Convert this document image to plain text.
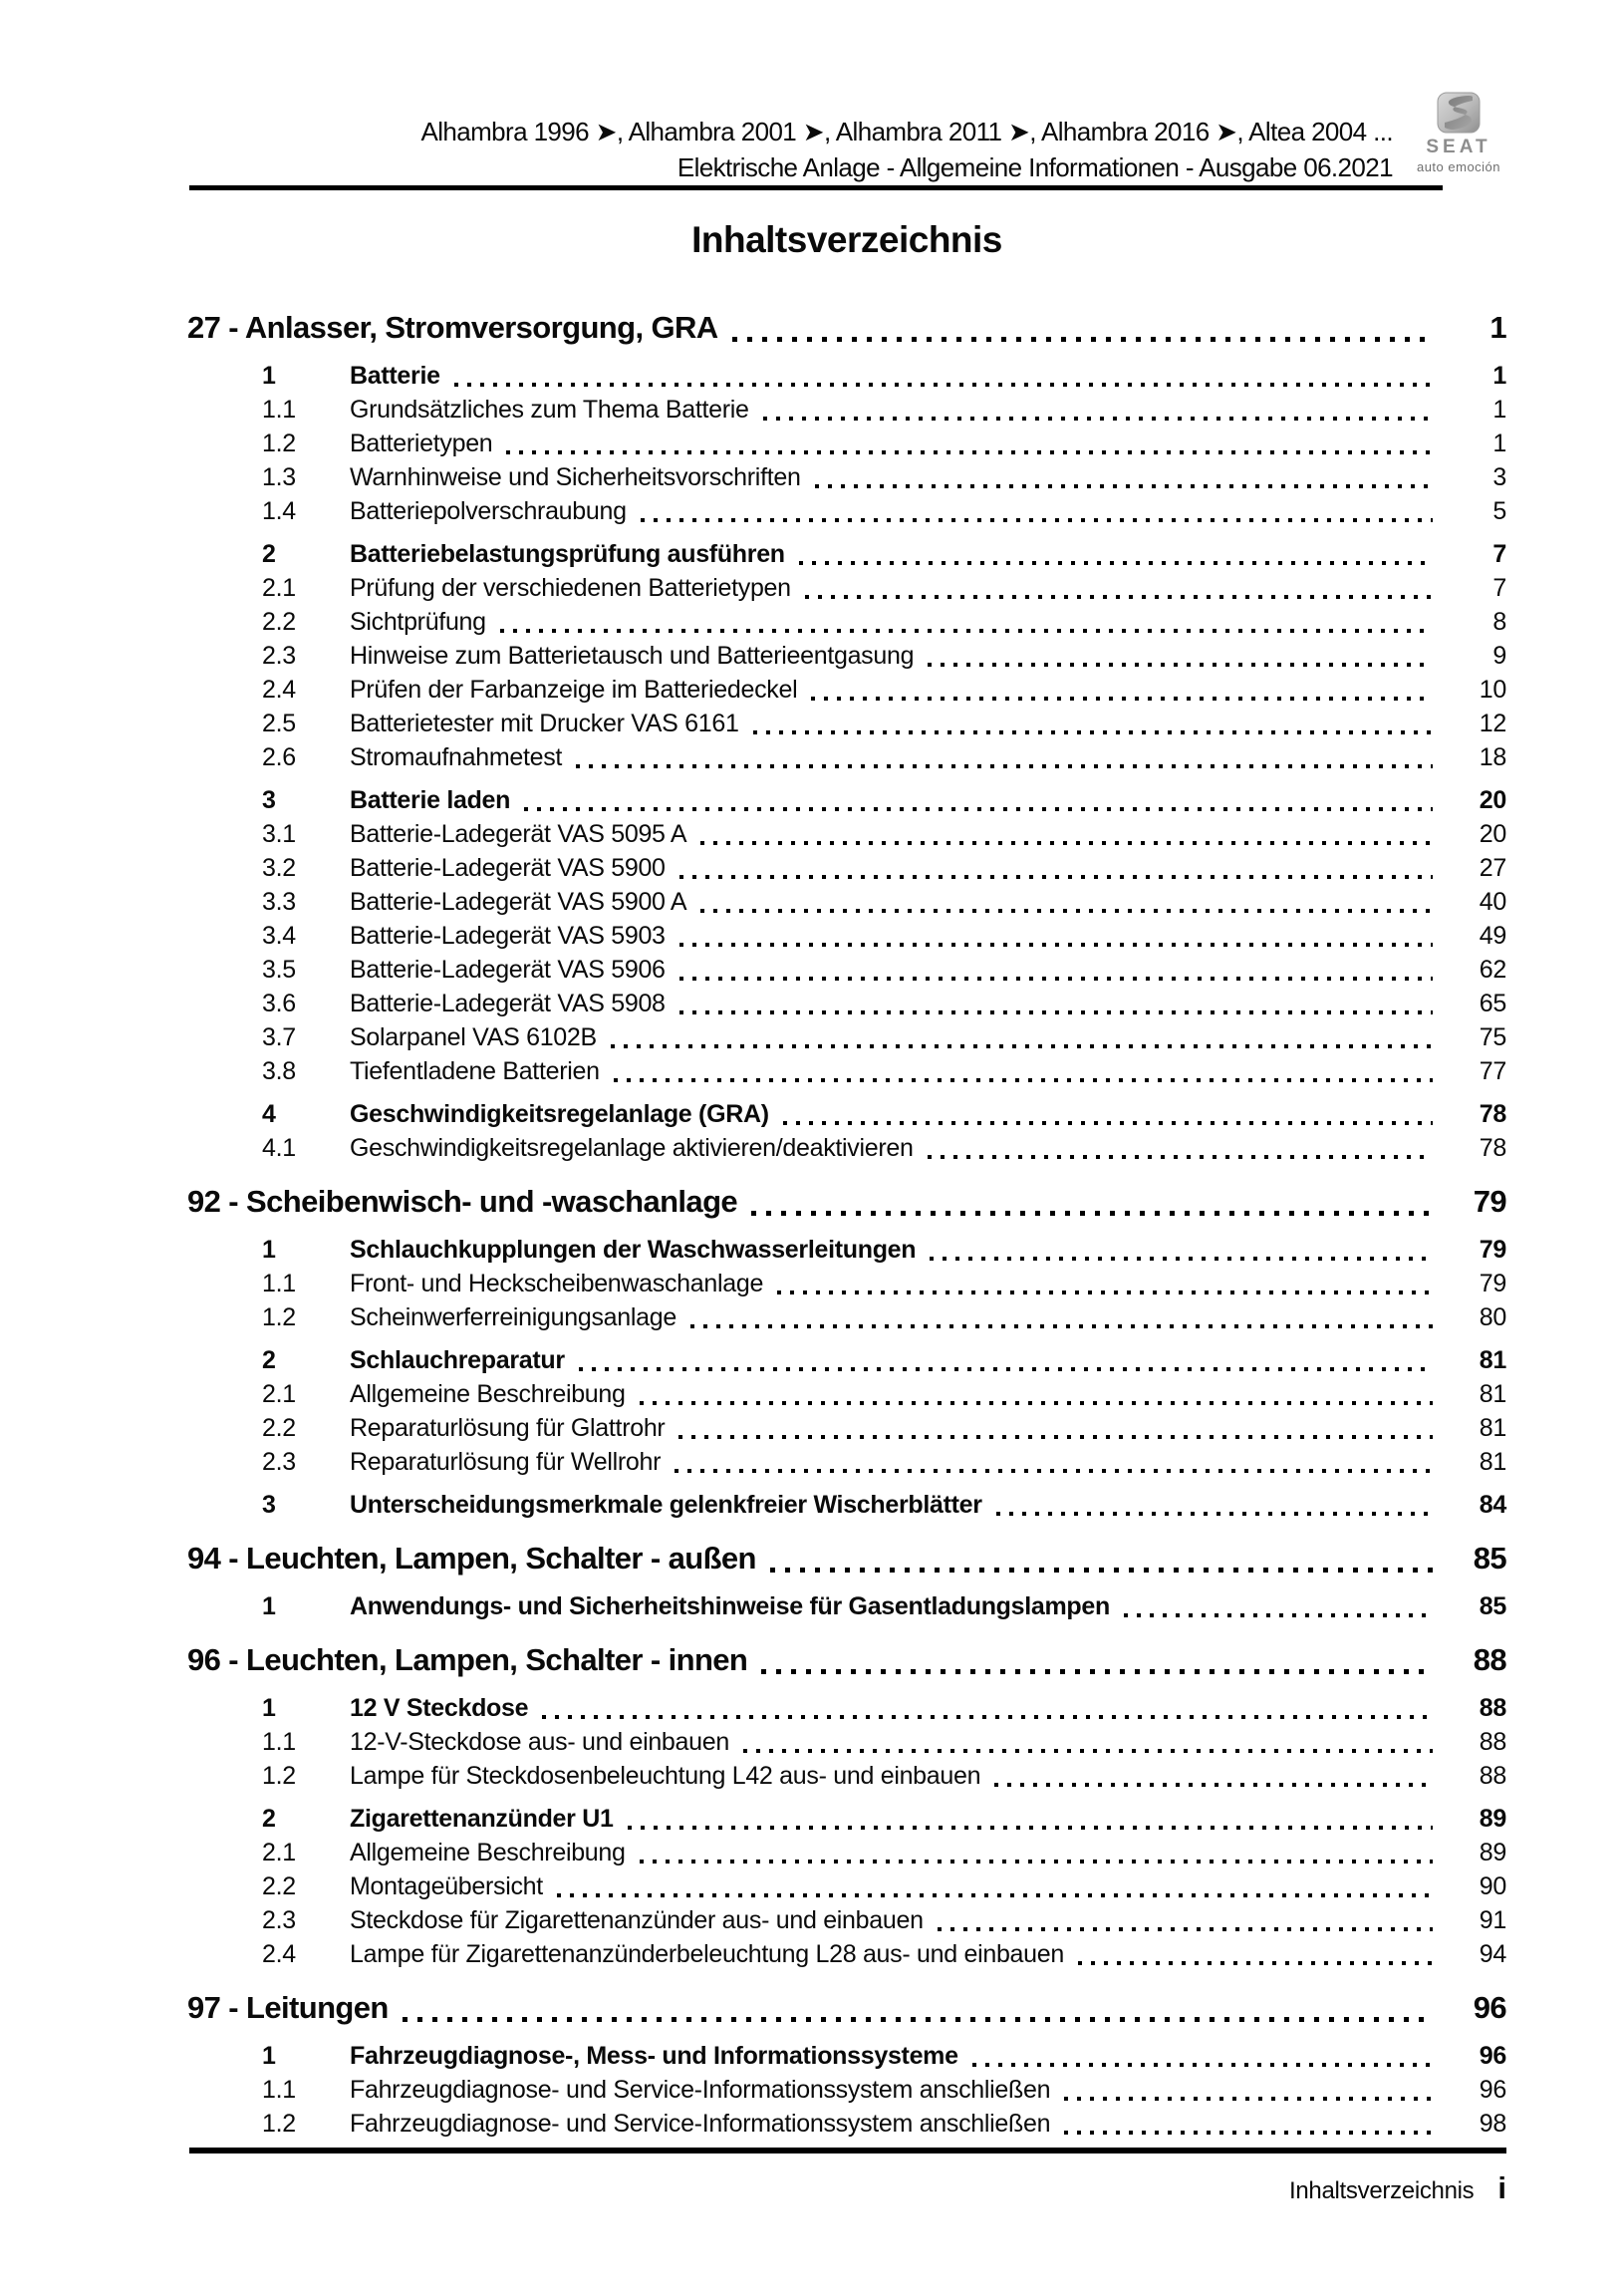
Alhambra 1996 ➤, Alhambra 2001 ➤, Alhambra 2011 ➤, Alhambra 2016 ➤, Altea 2004 ...
Elektrische Anlage - Allgemeine Informationen - Ausgabe 06.2021
SEAT
auto emoción
Inhaltsverzeichnis
27 - Anlasser, Stromversorgung, GRA	1
1	Batterie	1
1.1	Grundsätzliches zum Thema Batterie	1
1.2	Batterietypen	1
1.3	Warnhinweise und Sicherheitsvorschriften	3
1.4	Batteriepolverschraubung	5
2	Batteriebelastungsprüfung ausführen	7
2.1	Prüfung der verschiedenen Batterietypen	7
2.2	Sichtprüfung	8
2.3	Hinweise zum Batterietausch und Batterieentgasung	9
2.4	Prüfen der Farbanzeige im Batteriedeckel	10
2.5	Batterietester mit Drucker VAS 6161	12
2.6	Stromaufnahmetest	18
3	Batterie laden	20
3.1	Batterie-Ladegerät VAS 5095 A	20
3.2	Batterie-Ladegerät VAS 5900	27
3.3	Batterie-Ladegerät VAS 5900 A	40
3.4	Batterie-Ladegerät VAS 5903	49
3.5	Batterie-Ladegerät VAS 5906	62
3.6	Batterie-Ladegerät VAS 5908	65
3.7	Solarpanel VAS 6102B	75
3.8	Tiefentladene Batterien	77
4	Geschwindigkeitsregelanlage (GRA)	78
4.1	Geschwindigkeitsregelanlage aktivieren/deaktivieren	78
92 - Scheibenwisch- und -waschanlage	79
1	Schlauchkupplungen der Waschwasserleitungen	79
1.1	Front- und Heckscheibenwaschanlage	79
1.2	Scheinwerferreinigungsanlage	80
2	Schlauchreparatur	81
2.1	Allgemeine Beschreibung	81
2.2	Reparaturlösung für Glattrohr	81
2.3	Reparaturlösung für Wellrohr	81
3	Unterscheidungsmerkmale gelenkfreier Wischerblätter	84
94 - Leuchten, Lampen, Schalter - außen	85
1	Anwendungs- und Sicherheitshinweise für Gasentladungslampen	85
96 - Leuchten, Lampen, Schalter - innen	88
1	12 V Steckdose	88
1.1	12-V-Steckdose aus- und einbauen	88
1.2	Lampe für Steckdosenbeleuchtung L42 aus- und einbauen	88
2	Zigarettenanzünder U1	89
2.1	Allgemeine Beschreibung	89
2.2	Montageübersicht	90
2.3	Steckdose für Zigarettenanzünder aus- und einbauen	91
2.4	Lampe für Zigarettenanzünderbeleuchtung L28 aus- und einbauen	94
97 - Leitungen	96
1	Fahrzeugdiagnose-, Mess- und Informationssysteme	96
1.1	Fahrzeugdiagnose- und Service-Informationssystem anschließen	96
1.2	Fahrzeugdiagnose- und Service-Informationssystem anschließen	98
Inhaltsverzeichnis i
